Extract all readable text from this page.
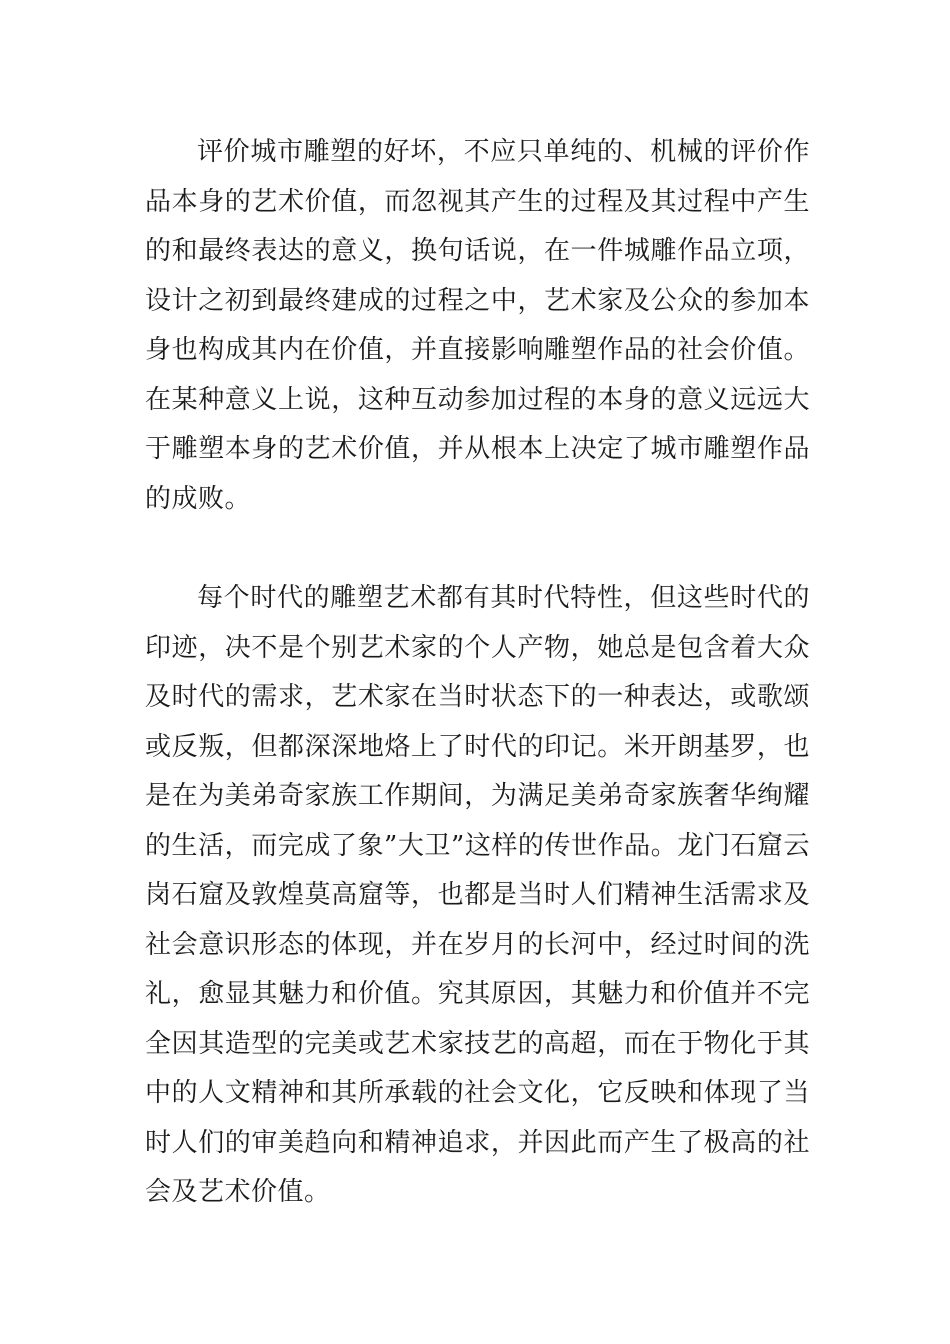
评价城市雕塑的好坏，不应只单纯的、机械的评价作品本身的艺术价值，而忽视其产生的过程及其过程中产生的和最终表达的意义，换句话说，在一件城雕作品立项，设计之初到最终建成的过程之中，艺术家及公众的参加本身也构成其内在价值，并直接影响雕塑作品的社会价值。在某种意义上说，这种互动参加过程的本身的意义远远大于雕塑本身的艺术价值，并从根本上决定了城市雕塑作品的成败。

每个时代的雕塑艺术都有其时代特性，但这些时代的印迹，决不是个别艺术家的个人产物，她总是包含着大众及时代的需求，艺术家在当时状态下的一种表达，或歌颂或反叛，但都深深地烙上了时代的印记。米开朗基罗，也是在为美弟奇家族工作期间，为满足美弟奇家族奢华绚耀的生活，而完成了象”大卫”这样的传世作品。龙门石窟云岗石窟及敦煌莫高窟等，也都是当时人们精神生活需求及社会意识形态的体现，并在岁月的长河中，经过时间的洗礼，愈显其魅力和价值。究其原因，其魅力和价值并不完全因其造型的完美或艺术家技艺的高超，而在于物化于其中的人文精神和其所承载的社会文化，它反映和体现了当时人们的审美趋向和精神追求，并因此而产生了极高的社会及艺术价值。
